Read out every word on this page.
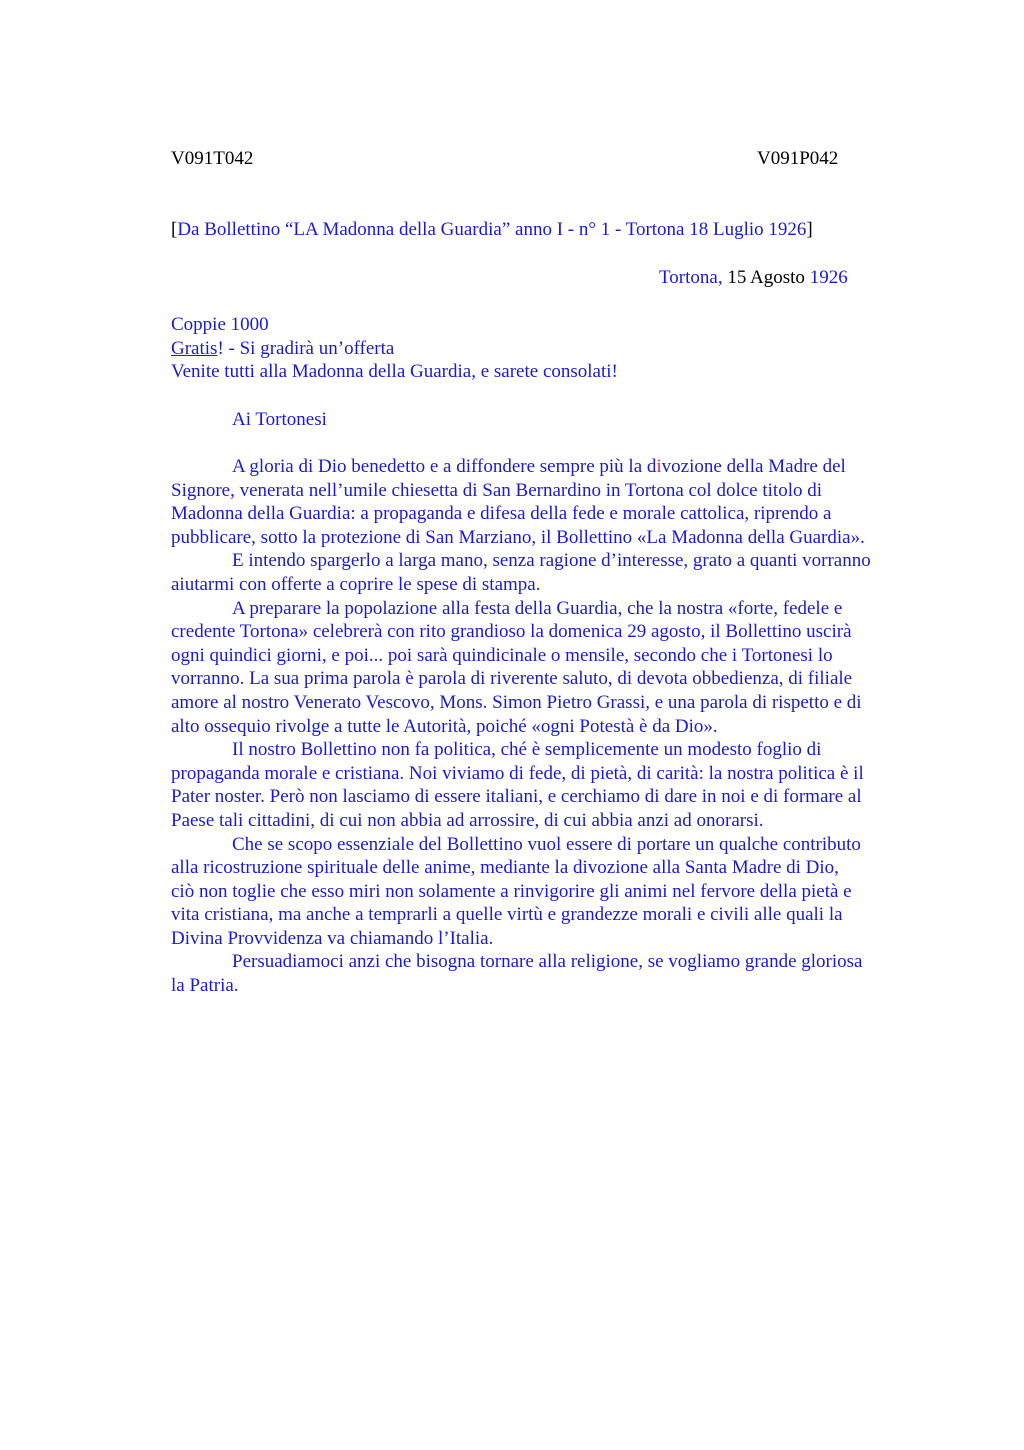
V091T042	V091P042
[Da Bollettino “LA Madonna della Guardia” anno I - n° 1 - Tortona 18 Luglio 1926]
Tortona, 15 Agosto 1926
Coppie 1000
Gratis! - Si gradirà un’offerta
Venite tutti alla Madonna della Guardia, e sarete consolati!
Ai Tortonesi
A gloria di Dio benedetto e a diffondere sempre più la divozione della Madre del
Signore, venerata nell’umile chiesetta di San Bernardino in Tortona col dolce titolo di
Madonna della Guardia: a propaganda e difesa della fede e morale cattolica, riprendo a
pubblicare, sotto la protezione di San Marziano, il Bollettino «La Madonna della Guardia».
E intendo spargerlo a larga mano, senza ragione d’interesse, grato a quanti vorranno
aiutarmi con offerte a coprire le spese di stampa.
A preparare la popolazione alla festa della Guardia, che la nostra «forte, fedele e
credente Tortona» celebrerà con rito grandioso la domenica 29 agosto, il Bollettino uscirà
ogni quindici giorni, e poi... poi sarà quindicinale o mensile, secondo che i Tortonesi lo
vorranno. La sua prima parola è parola di riverente saluto, di devota obbedienza, di filiale
amore al nostro Venerato Vescovo, Mons. Simon Pietro Grassi, e una parola di rispetto e di
alto ossequio rivolge a tutte le Autorità, poiché «ogni Potestà è da Dio».
Il nostro Bollettino non fa politica, ché è semplicemente un modesto foglio di
propaganda morale e cristiana. Noi viviamo di fede, di pietà, di carità: la nostra politica è il
Pater noster. Però non lasciamo di essere italiani, e cerchiamo di dare in noi e di formare al
Paese tali cittadini, di cui non abbia ad arrossire, di cui abbia anzi ad onorarsi.
Che se scopo essenziale del Bollettino vuol essere di portare un qualche contributo
alla ricostruzione spirituale delle anime, mediante la divozione alla Santa Madre di Dio,
ciò non toglie che esso miri non solamente a rinvigorire gli animi nel fervore della pietà e
vita cristiana, ma anche a temprarli a quelle virtù e grandezze morali e civili alle quali la
Divina Provvidenza va chiamando l’Italia.
Persuadiamoci anzi che bisogna tornare alla religione, se vogliamo grande gloriosa
la Patria.
